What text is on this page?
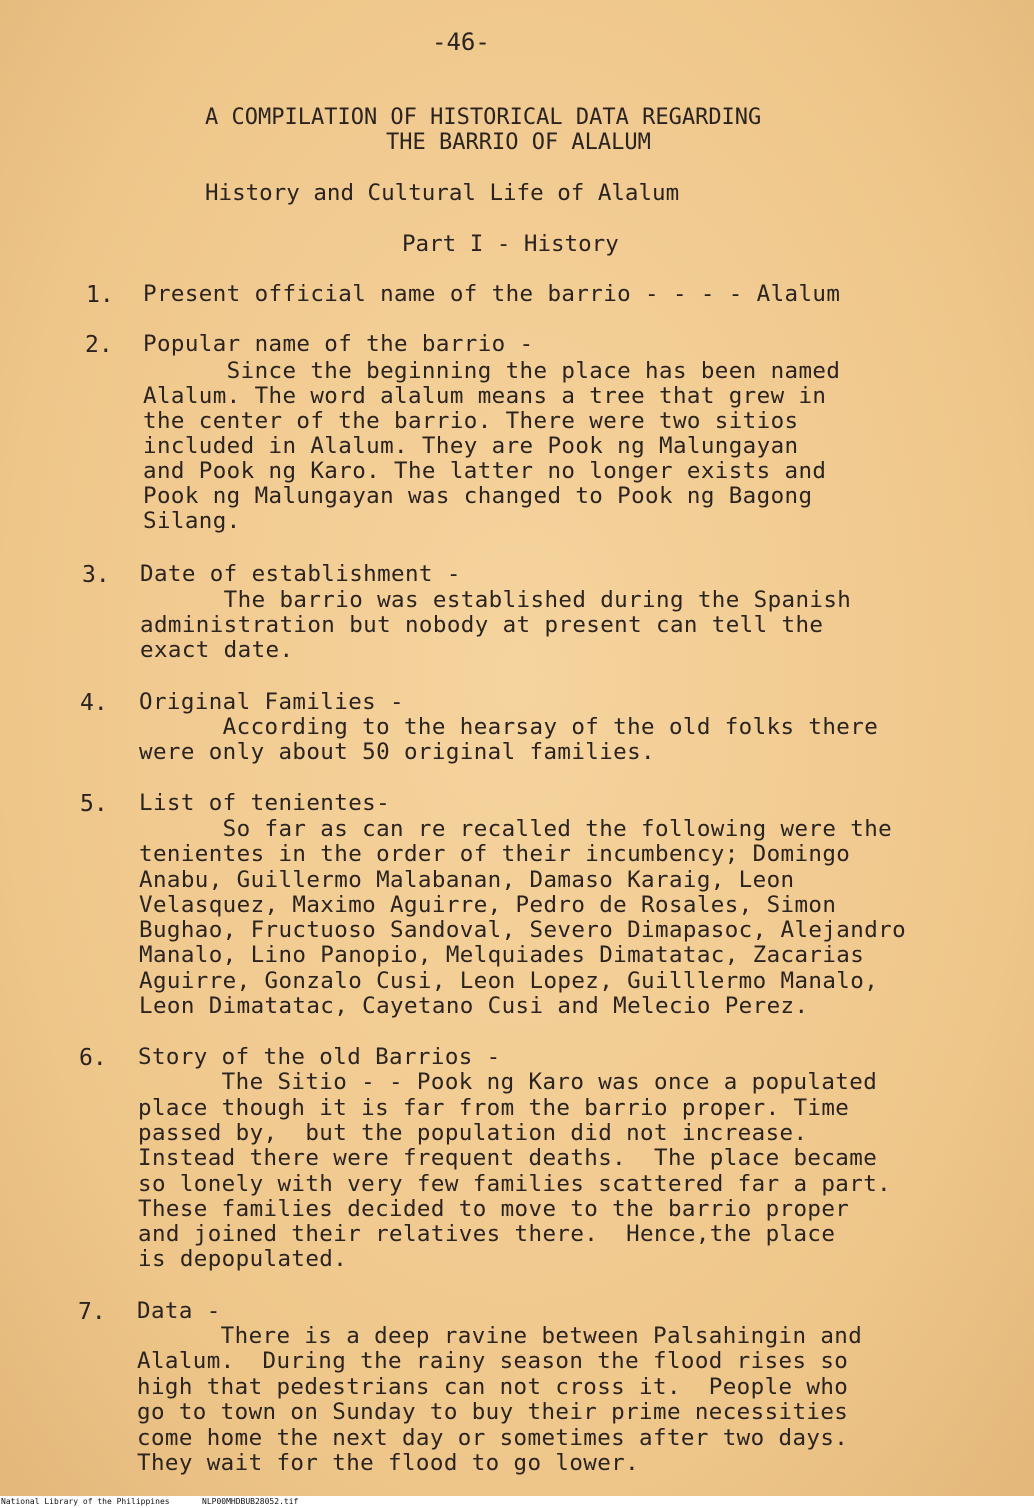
-46-
A COMPILATION OF HISTORICAL DATA REGARDING
THE BARRIO OF ALALUM
History and Cultural Life of Alalum
Part I - History
1. Present official name of the barrio - - - - Alalum
2. Popular name of the barrio -
Since the beginning the place has been named
Alalum. The word alalum means a tree that grew in
the center of the barrio. There were two sitios
included in Alalum. They are Pook ng Malungayan
and Pook ng Karo. The latter no longer exists and
Pook ng Malungayan was changed to Pook ng Bagong
Silang.
3. Date of establishment -
The barrio was established during the Spanish
administration but nobody at present can tell the
exact date.
4. Original Families -
According to the hearsay of the old folks there
were only about 50 original families.
5. List of tenientes-
So far as can re recalled the following were the
tenientes in the order of their incumbency; Domingo
Anabu, Guillermo Malabanan, Damaso Karaig, Leon
Velasquez, Maximo Aguirre, Pedro de Rosales, Simon
Bughao, Fructuoso Sandoval, Severo Dimapasoc, Alejandro
Manalo, Lino Panopio, Melquiades Dimatatac, Zacarias
Aguirre, Gonzalo Cusi, Leon Lopez, Guilllermo Manalo,
Leon Dimatatac, Cayetano Cusi and Melecio Perez.
6. Story of the old Barrios -
The Sitio - - Pook ng Karo was once a populated
place though it is far from the barrio proper. Time
passed by,  but the population did not increase.
Instead there were frequent deaths.  The place became
so lonely with very few families scattered far a part.
These families decided to move to the barrio proper
and joined their relatives there.  Hence,the place
is depopulated.
7. Data -
There is a deep ravine between Palsahingin and
Alalum.  During the rainy season the flood rises so
high that pedestrians can not cross it.  People who
go to town on Sunday to buy their prime necessities
come home the next day or sometimes after two days.
They wait for the flood to go lower.
National Library of the Philippines	NLP00MHDBUB28052.tif
